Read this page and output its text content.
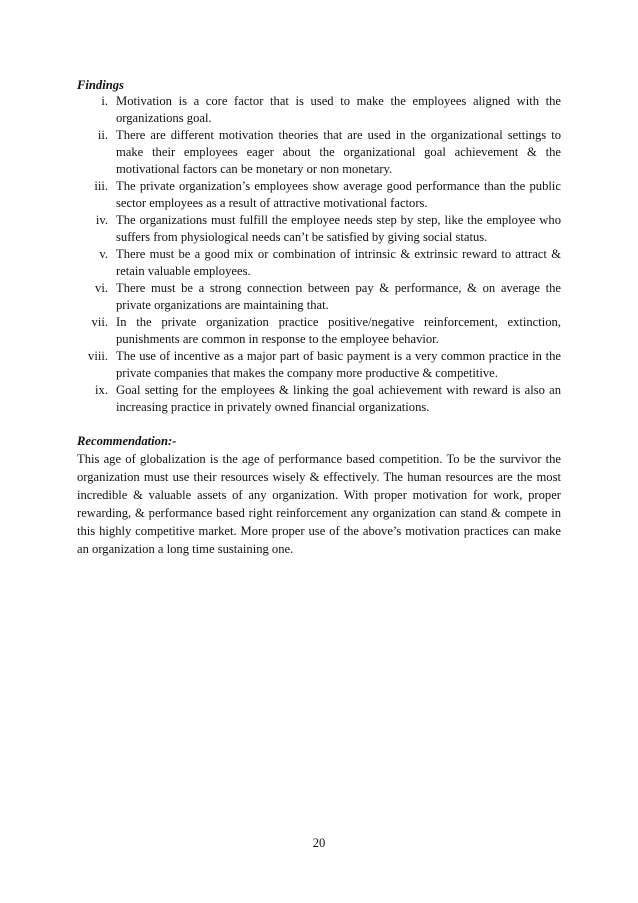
Findings
i. Motivation is a core factor that is used to make the employees aligned with the organizations goal.
ii. There are different motivation theories that are used in the organizational settings to make their employees eager about the organizational goal achievement & the motivational factors can be monetary or non monetary.
iii. The private organization’s employees show average good performance than the public sector employees as a result of attractive motivational factors.
iv. The organizations must fulfill the employee needs step by step, like the employee who suffers from physiological needs can’t be satisfied by giving social status.
v. There must be a good mix or combination of intrinsic & extrinsic reward to attract & retain valuable employees.
vi. There must be a strong connection between pay & performance, & on average the private organizations are maintaining that.
vii. In the private organization practice positive/negative reinforcement, extinction, punishments are common in response to the employee behavior.
viii. The use of incentive as a major part of basic payment is a very common practice in the private companies that makes the company more productive & competitive.
ix. Goal setting for the employees & linking the goal achievement with reward is also an increasing practice in privately owned financial organizations.
Recommendation:-

This age of globalization is the age of performance based competition. To be the survivor the organization must use their resources wisely & effectively. The human resources are the most incredible & valuable assets of any organization. With proper motivation for work, proper rewarding, & performance based right reinforcement any organization can stand & compete in this highly competitive market. More proper use of the above’s motivation practices can make an organization a long time sustaining one.

20
